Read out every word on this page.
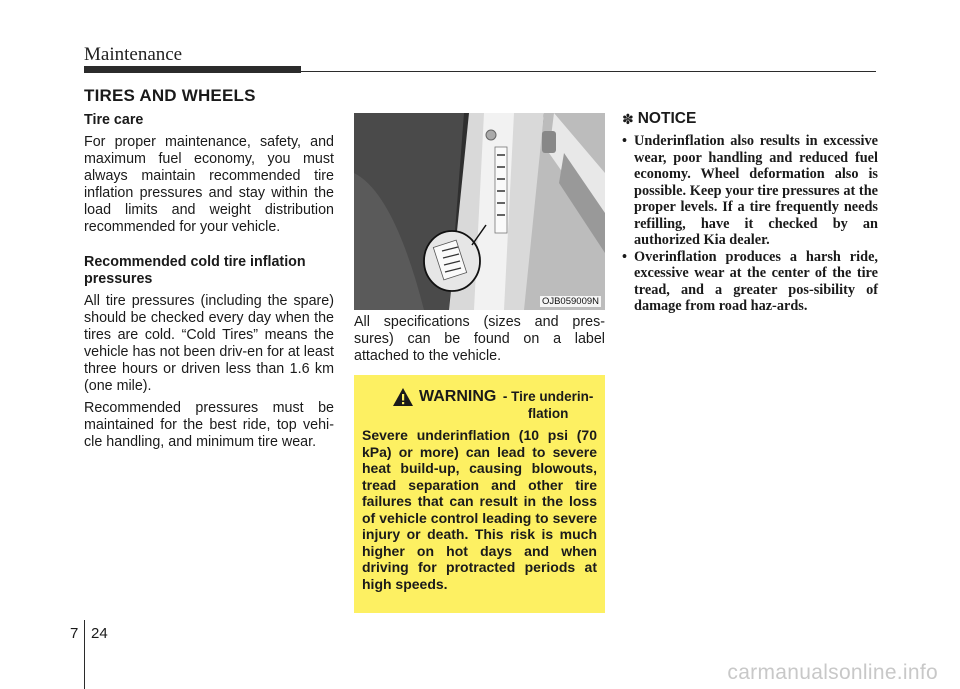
Maintenance
TIRES AND WHEELS

Tire care

For proper maintenance, safety, and maximum fuel economy, you must always maintain recommended tire inflation pressures and stay within the load limits and weight distribution recommended for your vehicle.

Recommended cold tire inflation pressures

All tire pressures (including the spare) should be checked every day when the tires are cold. “Cold Tires” means the vehicle has not been driv-en for at least three hours or driven less than 1.6 km (one mile).

Recommended pressures must be maintained for the best ride, top vehi-cle handling, and minimum tire wear.

OJB059009N

All specifications (sizes and pres-sures) can be found on a label attached to the vehicle.

WARNING - Tire underin-flation

Severe underinflation (10 psi (70 kPa) or more) can lead to severe heat build-up, causing blowouts, tread separation and other tire failures that can result in the loss of vehicle control leading to severe injury or death. This risk is much higher on hot days and when driving for protracted periods at high speeds.

✽ NOTICE

• Underinflation also results in excessive wear, poor handling and reduced fuel economy. Wheel deformation also is possible. Keep your tire pressures at the proper levels. If a tire frequently needs refilling, have it checked by an authorized Kia dealer.

• Overinflation produces a harsh ride, excessive wear at the center of the tire tread, and a greater pos-sibility of damage from road haz-ards.

7 24
carmanualsonline.info
